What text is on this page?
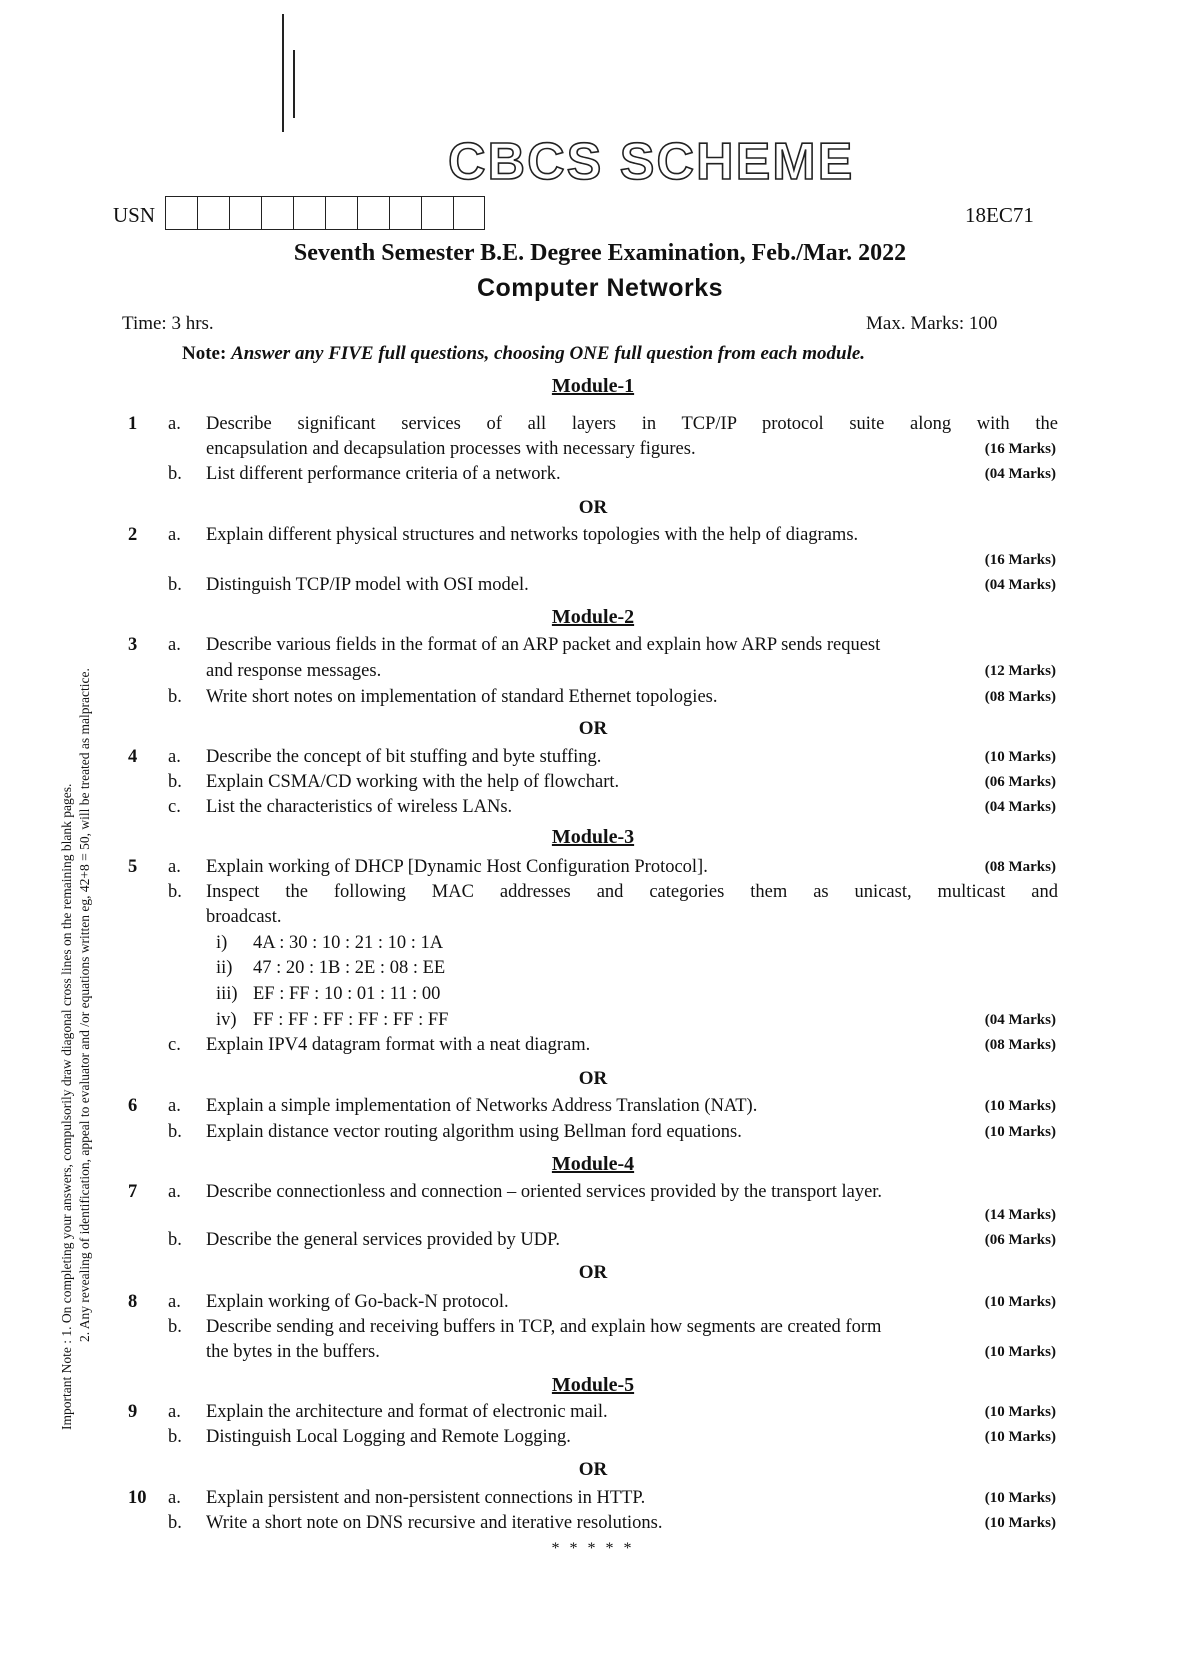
CBCS SCHEME
USN	18EC71
Seventh Semester B.E. Degree Examination, Feb./Mar. 2022
Computer Networks
Time: 3 hrs.	Max. Marks: 100
Note: Answer any FIVE full questions, choosing ONE full question from each module.
Important Note : 1. On completing your answers, compulsorily draw diagonal cross lines on the remaining blank pages. 2. Any revealing of identification, appeal to evaluator and /or equations written eg, 42+8 = 50, will be treated as malpractice.
Module-1
1 a. Describe significant services of all layers in TCP/IP protocol suite along with the
encapsulation and decapsulation processes with necessary figures.	(16 Marks)
b. List different performance criteria of a network.	(04 Marks)
OR
2 a. Explain different physical structures and networks topologies with the help of diagrams.
(16 Marks)
b. Distinguish TCP/IP model with OSI model.	(04 Marks)
Module-2
3 a. Describe various fields in the format of an ARP packet and explain how ARP sends request
and response messages.	(12 Marks)
b. Write short notes on implementation of standard Ethernet topologies.	(08 Marks)
OR
4 a. Describe the concept of bit stuffing and byte stuffing.	(10 Marks)
b. Explain CSMA/CD working with the help of flowchart.	(06 Marks)
c. List the characteristics of wireless LANs.	(04 Marks)
Module-3
5 a. Explain working of DHCP [Dynamic Host Configuration Protocol].	(08 Marks)
b. Inspect the following MAC addresses and categories them as unicast, multicast and
broadcast.
i) 4A : 30 : 10 : 21 : 10 : 1A
ii) 47 : 20 : 1B : 2E : 08 : EE
iii) EF : FF : 10 : 01 : 11 : 00
iv) FF : FF : FF : FF : FF : FF	(04 Marks)
c. Explain IPV4 datagram format with a neat diagram.	(08 Marks)
OR
6 a. Explain a simple implementation of Networks Address Translation (NAT).	(10 Marks)
b. Explain distance vector routing algorithm using Bellman ford equations.	(10 Marks)
Module-4
7 a. Describe connectionless and connection – oriented services provided by the transport layer.
(14 Marks)
b. Describe the general services provided by UDP.	(06 Marks)
OR
8 a. Explain working of Go-back-N protocol.	(10 Marks)
b. Describe sending and receiving buffers in TCP, and explain how segments are created form
the bytes in the buffers.	(10 Marks)
Module-5
9 a. Explain the architecture and format of electronic mail.	(10 Marks)
b. Distinguish Local Logging and Remote Logging.	(10 Marks)
OR
10 a. Explain persistent and non-persistent connections in HTTP.	(10 Marks)
b. Write a short note on DNS recursive and iterative resolutions.	(10 Marks)
* * * * *
